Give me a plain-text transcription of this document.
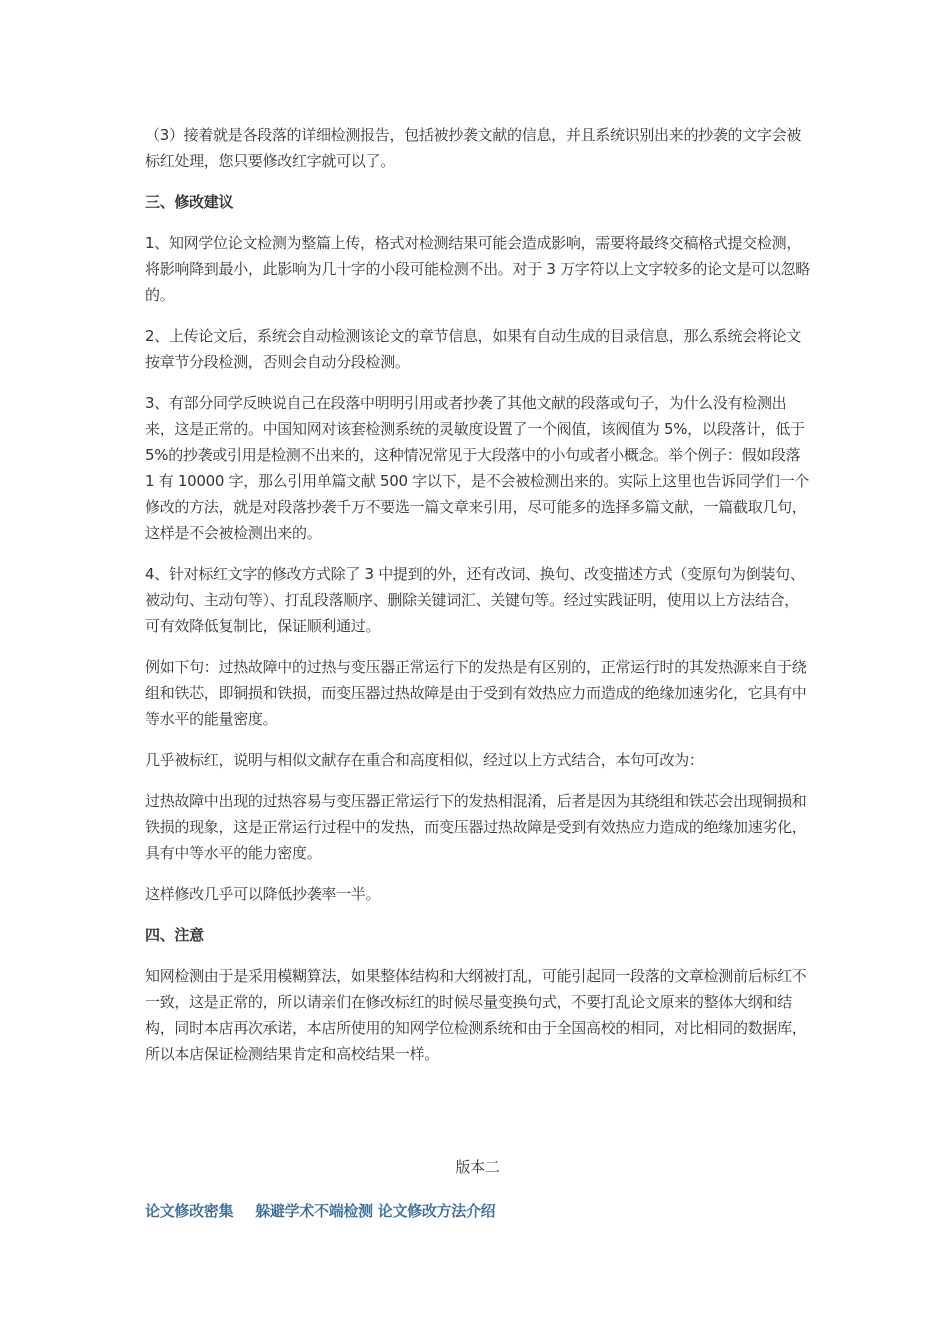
（3）接着就是各段落的详细检测报告，包括被抄袭文献的信息，并且系统识别出来的抄袭的文字会被标红处理，您只要修改红字就可以了。

三、修改建议

1、知网学位论文检测为整篇上传，格式对检测结果可能会造成影响，需要将最终交稿格式提交检测，将影响降到最小，此影响为几十字的小段可能检测不出。对于 3 万字符以上文字较多的论文是可以忽略的。

2、上传论文后，系统会自动检测该论文的章节信息，如果有自动生成的目录信息，那么系统会将论文按章节分段检测，否则会自动分段检测。

3、有部分同学反映说自己在段落中明明引用或者抄袭了其他文献的段落或句子，为什么没有检测出来，这是正常的。中国知网对该套检测系统的灵敏度设置了一个阀值，该阀值为 5%，以段落计，低于 5%的抄袭或引用是检测不出来的，这种情况常见于大段落中的小句或者小概念。举个例子：假如段落 1 有 10000 字，那么引用单篇文献 500 字以下，是不会被检测出来的。实际上这里也告诉同学们一个修改的方法，就是对段落抄袭千万不要选一篇文章来引用，尽可能多的选择多篇文献，一篇截取几句，这样是不会被检测出来的。

4、针对标红文字的修改方式除了 3 中提到的外，还有改词、换句、改变描述方式（变原句为倒装句、被动句、主动句等）、打乱段落顺序、删除关键词汇、关键句等。经过实践证明，使用以上方法结合，可有效降低复制比，保证顺利通过。

例如下句：过热故障中的过热与变压器正常运行下的发热是有区别的，正常运行时的其发热源来自于绕组和铁芯，即铜损和铁损，而变压器过热故障是由于受到有效热应力而造成的绝缘加速劣化，它具有中等水平的能量密度。

几乎被标红，说明与相似文献存在重合和高度相似，经过以上方式结合，本句可改为：

过热故障中出现的过热容易与变压器正常运行下的发热相混淆，后者是因为其绕组和铁芯会出现铜损和铁损的现象，这是正常运行过程中的发热，而变压器过热故障是受到有效热应力造成的绝缘加速劣化，具有中等水平的能力密度。

这样修改几乎可以降低抄袭率一半。

四、注意

知网检测由于是采用模糊算法，如果整体结构和大纲被打乱，可能引起同一段落的文章检测前后标红不一致，这是正常的，所以请亲们在修改标红的时候尽量变换句式，不要打乱论文原来的整体大纲和结构，同时本店再次承诺，本店所使用的知网学位检测系统和由于全国高校的相同，对比相同的数据库，所以本店保证检测结果肯定和高校结果一样。

版本二

论文修改密集 躲避学术不端检测 论文修改方法介绍
